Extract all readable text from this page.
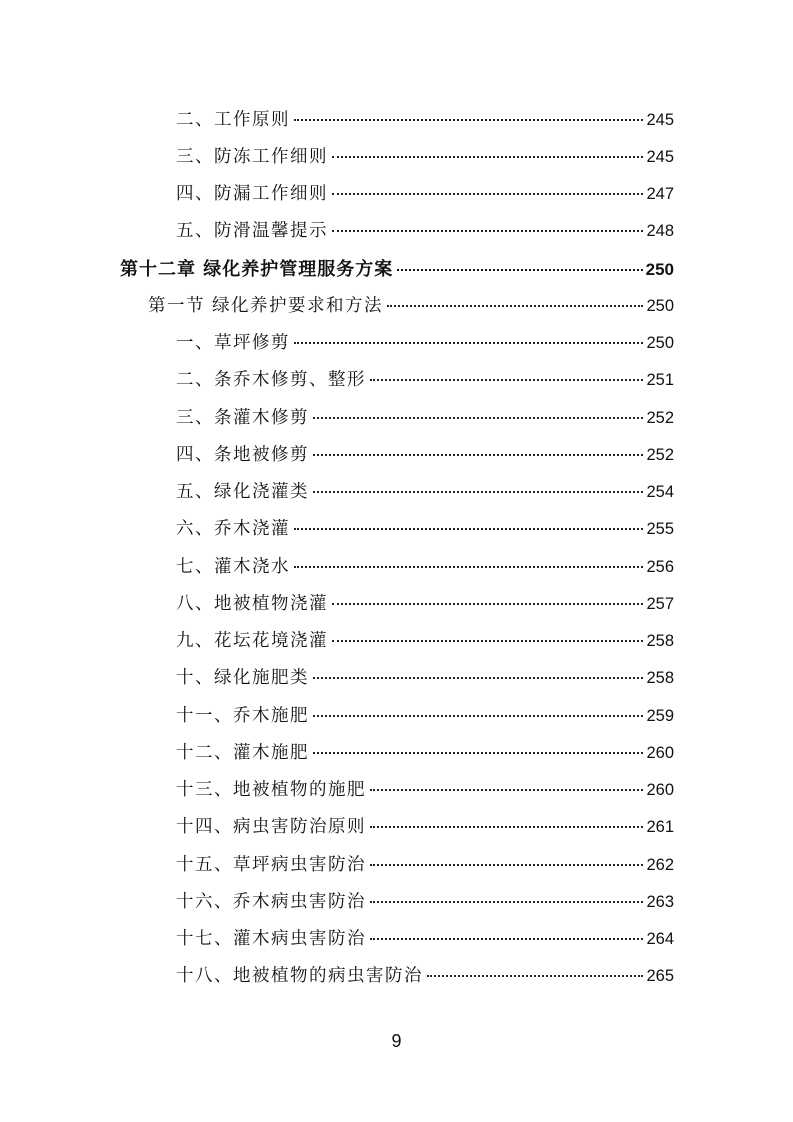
二、工作原则	245
三、防冻工作细则	245
四、防漏工作细则	247
五、防滑温馨提示	248
第十二章 绿化养护管理服务方案	250
第一节 绿化养护要求和方法	250
一、草坪修剪	250
二、条乔木修剪、整形	251
三、条灌木修剪	252
四、条地被修剪	252
五、绿化浇灌类	254
六、乔木浇灌	255
七、灌木浇水	256
八、地被植物浇灌	257
九、花坛花境浇灌	258
十、绿化施肥类	258
十一、乔木施肥	259
十二、灌木施肥	260
十三、地被植物的施肥	260
十四、病虫害防治原则	261
十五、草坪病虫害防治	262
十六、乔木病虫害防治	263
十七、灌木病虫害防治	264
十八、地被植物的病虫害防治	265
9
